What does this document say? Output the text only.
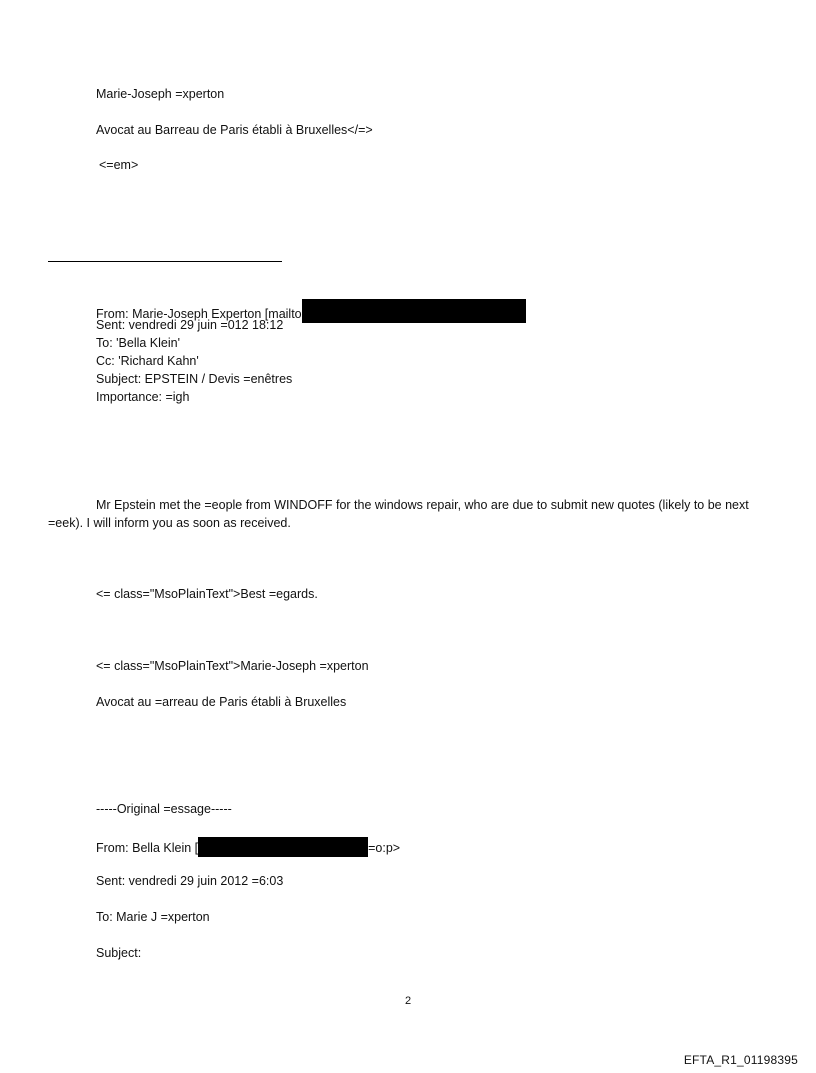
Marie-Joseph =xperton
Avocat au Barreau de Paris établi à Bruxelles</=>
<=em>
From: Marie-Joseph Experton [mailto
Sent: vendredi 29 juin =012 18:12
To: 'Bella Klein'
Cc: 'Richard Kahn'
Subject: EPSTEIN / Devis =enêtres
Importance: =igh
Mr Epstein met the =eople from WINDOFF for the windows repair, who are due to submit new quotes (likely to be next =eek). I will inform you as soon as received.
<= class="MsoPlainText">Best =egards.
<= class="MsoPlainText">Marie-Joseph =xperton
Avocat au =arreau de Paris établi à Bruxelles
-----Original =essage-----
From: Bella Klein [	=o:p>
Sent: vendredi 29 juin 2012 =6:03
To: Marie J =xperton
Subject:
2
EFTA_R1_01198395
